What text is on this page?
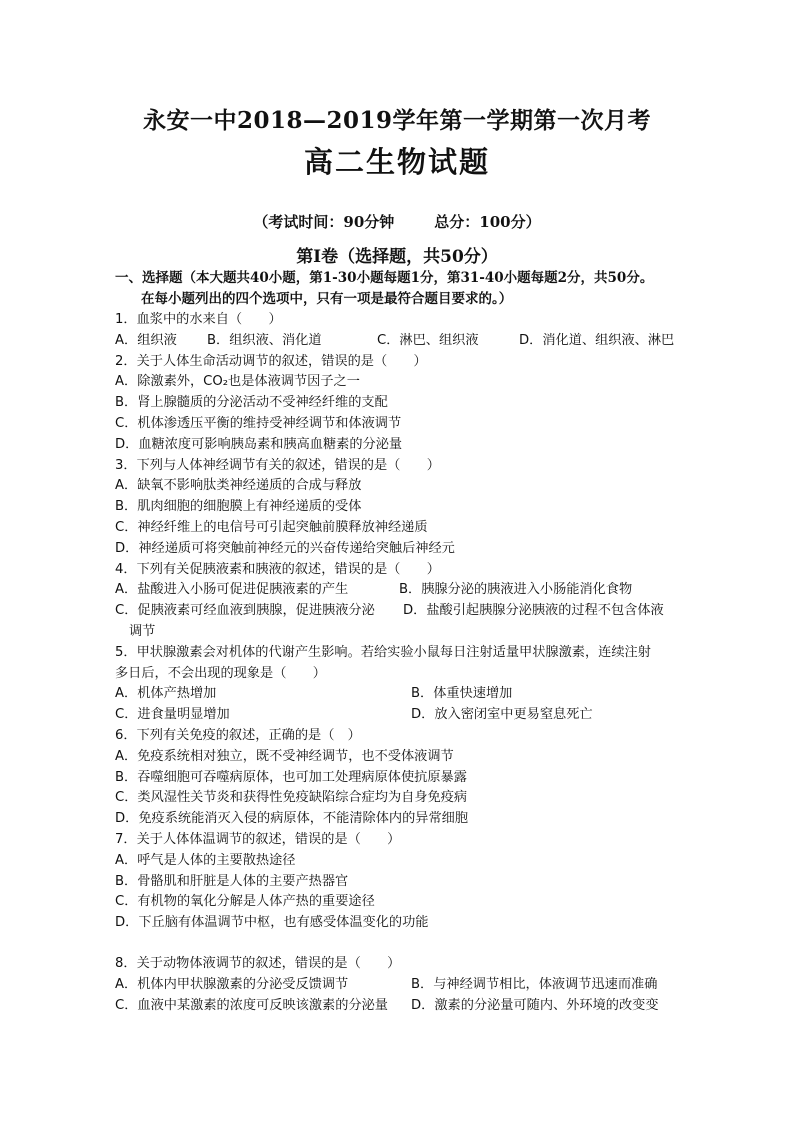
永安一中2018—2019学年第一学期第一次月考
高二生物试题
（考试时间：90分钟	总分：100分）
第Ⅰ卷（选择题，共50分）
一、选择题（本大题共40小题，第1-30小题每题1分，第31-40小题每题2分，共50分。
在每小题列出的四个选项中，只有一项是最符合题目要求的。）
1．血浆中的水来自（　　）
A．组织液 B．组织液、消化道	C．淋巴、组织液	D．消化道、组织液、淋巴
2．关于人体生命活动调节的叙述，错误的是（　　）
A．除激素外，CO₂也是体液调节因子之一
B．肾上腺髓质的分泌活动不受神经纤维的支配
C．机体渗透压平衡的维持受神经调节和体液调节
D．血糖浓度可影响胰岛素和胰高血糖素的分泌量
3．下列与人体神经调节有关的叙述，错误的是（　　）
A．缺氧不影响肽类神经递质的合成与释放
B．肌肉细胞的细胞膜上有神经递质的受体
C．神经纤维上的电信号可引起突触前膜释放神经递质
D．神经递质可将突触前神经元的兴奋传递给突触后神经元
4．下列有关促胰液素和胰液的叙述，错误的是（　　）
A．盐酸进入小肠可促进促胰液素的产生	B．胰腺分泌的胰液进入小肠能消化食物
C．促胰液素可经血液到胰腺，促进胰液分泌 D．盐酸引起胰腺分泌胰液的过程不包含体液
调节
5．甲状腺激素会对机体的代谢产生影响。若给实验小鼠每日注射适量甲状腺激素，连续注射
多日后，不会出现的现象是（　　）
A．机体产热增加	B．体重快速增加
C．进食量明显增加	D．放入密闭室中更易窒息死亡
6．下列有关免疫的叙述，正确的是（　）
A．免疫系统相对独立，既不受神经调节，也不受体液调节
B．吞噬细胞可吞噬病原体，也可加工处理病原体使抗原暴露
C．类风湿性关节炎和获得性免疫缺陷综合症均为自身免疫病
D．免疫系统能消灭入侵的病原体，不能清除体内的异常细胞
7．关于人体体温调节的叙述，错误的是（　　）
A．呼气是人体的主要散热途径
B．骨骼肌和肝脏是人体的主要产热器官
C．有机物的氧化分解是人体产热的重要途径
D．下丘脑有体温调节中枢，也有感受体温变化的功能
8．关于动物体液调节的叙述，错误的是（　　）
A．机体内甲状腺激素的分泌受反馈调节	B．与神经调节相比，体液调节迅速而准确
C．血液中某激素的浓度可反映该激素的分泌量 D．激素的分泌量可随内、外环境的改变变
